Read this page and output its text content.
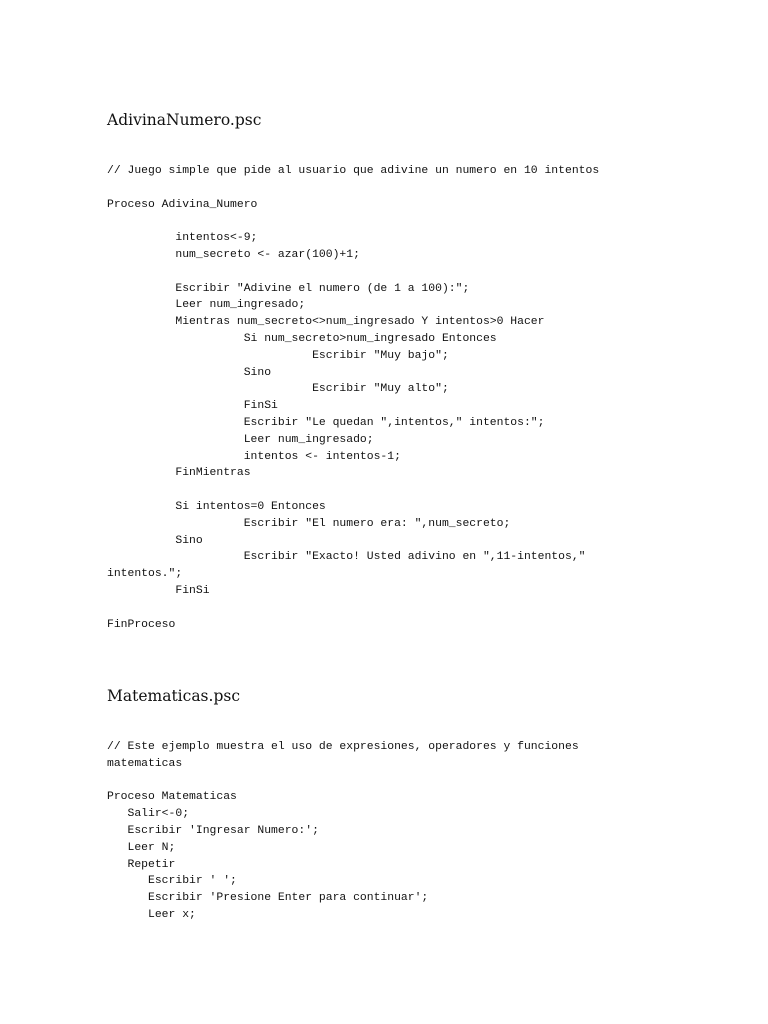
AdivinaNumero.psc
// Juego simple que pide al usuario que adivine un numero en 10 intentos
Proceso Adivina_Numero
intentos<-9;
num_secreto <- azar(100)+1;
Escribir "Adivine el numero (de 1 a 100):";
Leer num_ingresado;
Mientras num_secreto<>num_ingresado Y intentos>0 Hacer
Si num_secreto>num_ingresado Entonces
Escribir "Muy bajo";
Sino
Escribir "Muy alto";
FinSi
Escribir "Le quedan ",intentos," intentos:";
Leer num_ingresado;
intentos <- intentos-1;
FinMientras
Si intentos=0 Entonces
Escribir "El numero era: ",num_secreto;
Sino
Escribir "Exacto! Usted adivino en ",11-intentos,"
intentos.";
FinSi
FinProceso
Matematicas.psc
// Este ejemplo muestra el uso de expresiones, operadores y funciones
matematicas
Proceso Matematicas
Salir<-0;
Escribir 'Ingresar Numero:';
Leer N;
Repetir
Escribir ' ';
Escribir 'Presione Enter para continuar';
Leer x;
